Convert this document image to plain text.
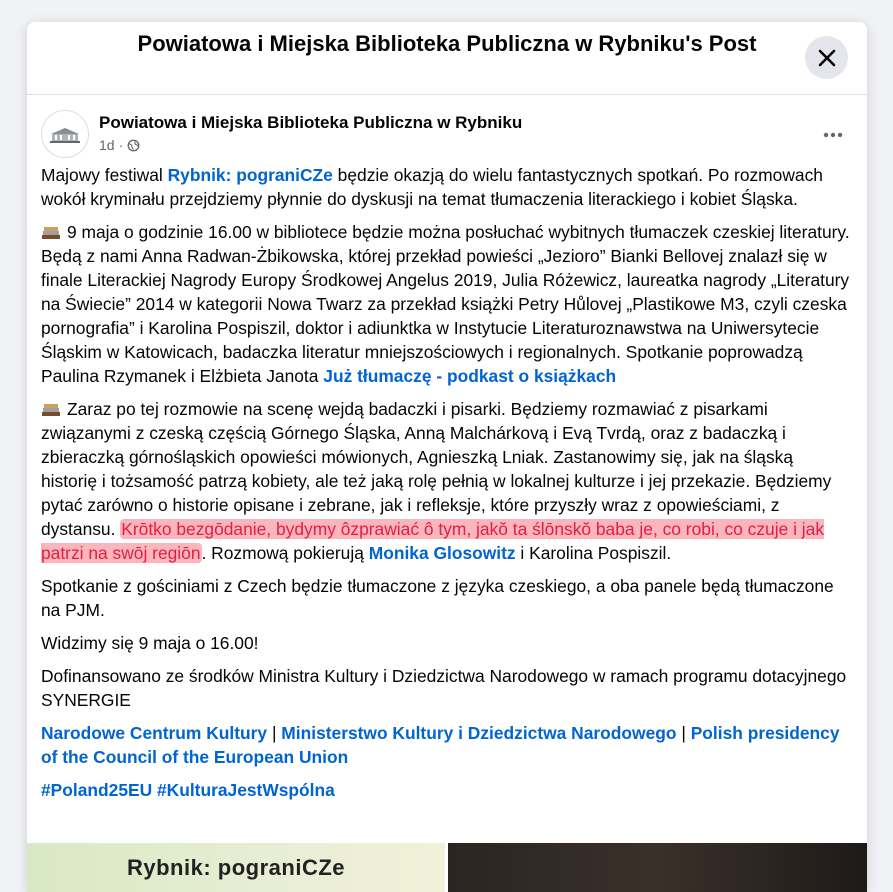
Powiatowa i Miejska Biblioteka Publiczna w Rybniku's Post
Powiatowa i Miejska Biblioteka Publiczna w Rybniku
1d ·

Majowy festiwal Rybnik: pograniCZe będzie okazją do wielu fantastycznych spotkań. Po rozmowach wokół kryminału przejdziemy płynnie do dyskusji na temat tłumaczenia literackiego i kobiet Śląska.

9 maja o godzinie 16.00 w bibliotece będzie można posłuchać wybitnych tłumaczek czeskiej literatury. Będą z nami Anna Radwan-Żbikowska, której przekład powieści „Jezioro” Bianki Bellovej znalazł się w finale Literackiej Nagrody Europy Środkowej Angelus 2019, Julia Różewicz, laureatka nagrody „Literatury na Świecie” 2014 w kategorii Nowa Twarz za przekład książki Petry Hůlovej „Plastikowe M3, czyli czeska pornografia” i Karolina Pospiszil, doktor i adiunktka w Instytucie Literaturoznawstwa na Uniwersytecie Śląskim w Katowicach, badaczka literatur mniejszościowych i regionalnych. Spotkanie poprowadzą Paulina Rzymanek i Elżbieta Janota Już tłumaczę - podkast o książkach

Zaraz po tej rozmowie na scenę wejdą badaczki i pisarki. Będziemy rozmawiać z pisarkami związanymi z czeską częścią Górnego Śląska, Anną Malchárkovą i Evą Tvrdą, oraz z badaczką i zbieraczką górnośląskich opowieści mówionych, Agnieszką Lniak. Zastanowimy się, jak na śląską historię i tożsamość patrzą kobiety, ale też jaką rolę pełnią w lokalnej kulturze i jej przekazie. Będziemy pytać zarówno o historie opisane i zebrane, jak i refleksje, które przyszły wraz z opowieściami, z dystansu. Krōtko bezgōdanie, bydymy ôzprawiać ô tym, jakŏ ta ślōnskŏ baba je, co robi, co czuje i jak patrzi na swōj regiōn. Rozmową pokierują Monika Glosowitz i Karolina Pospiszil.

Spotkanie z gościniami z Czech będzie tłumaczone z języka czeskiego, a oba panele będą tłumaczone na PJM.

Widzimy się 9 maja o 16.00!

Dofinansowano ze środków Ministra Kultury i Dziedzictwa Narodowego w ramach programu dotacyjnego SYNERGIE

Narodowe Centrum Kultury | Ministerstwo Kultury i Dziedzictwa Narodowego | Polish presidency of the Council of the European Union

#Poland25EU #KulturaJestWspólna

Rybnik: pograniCZe
